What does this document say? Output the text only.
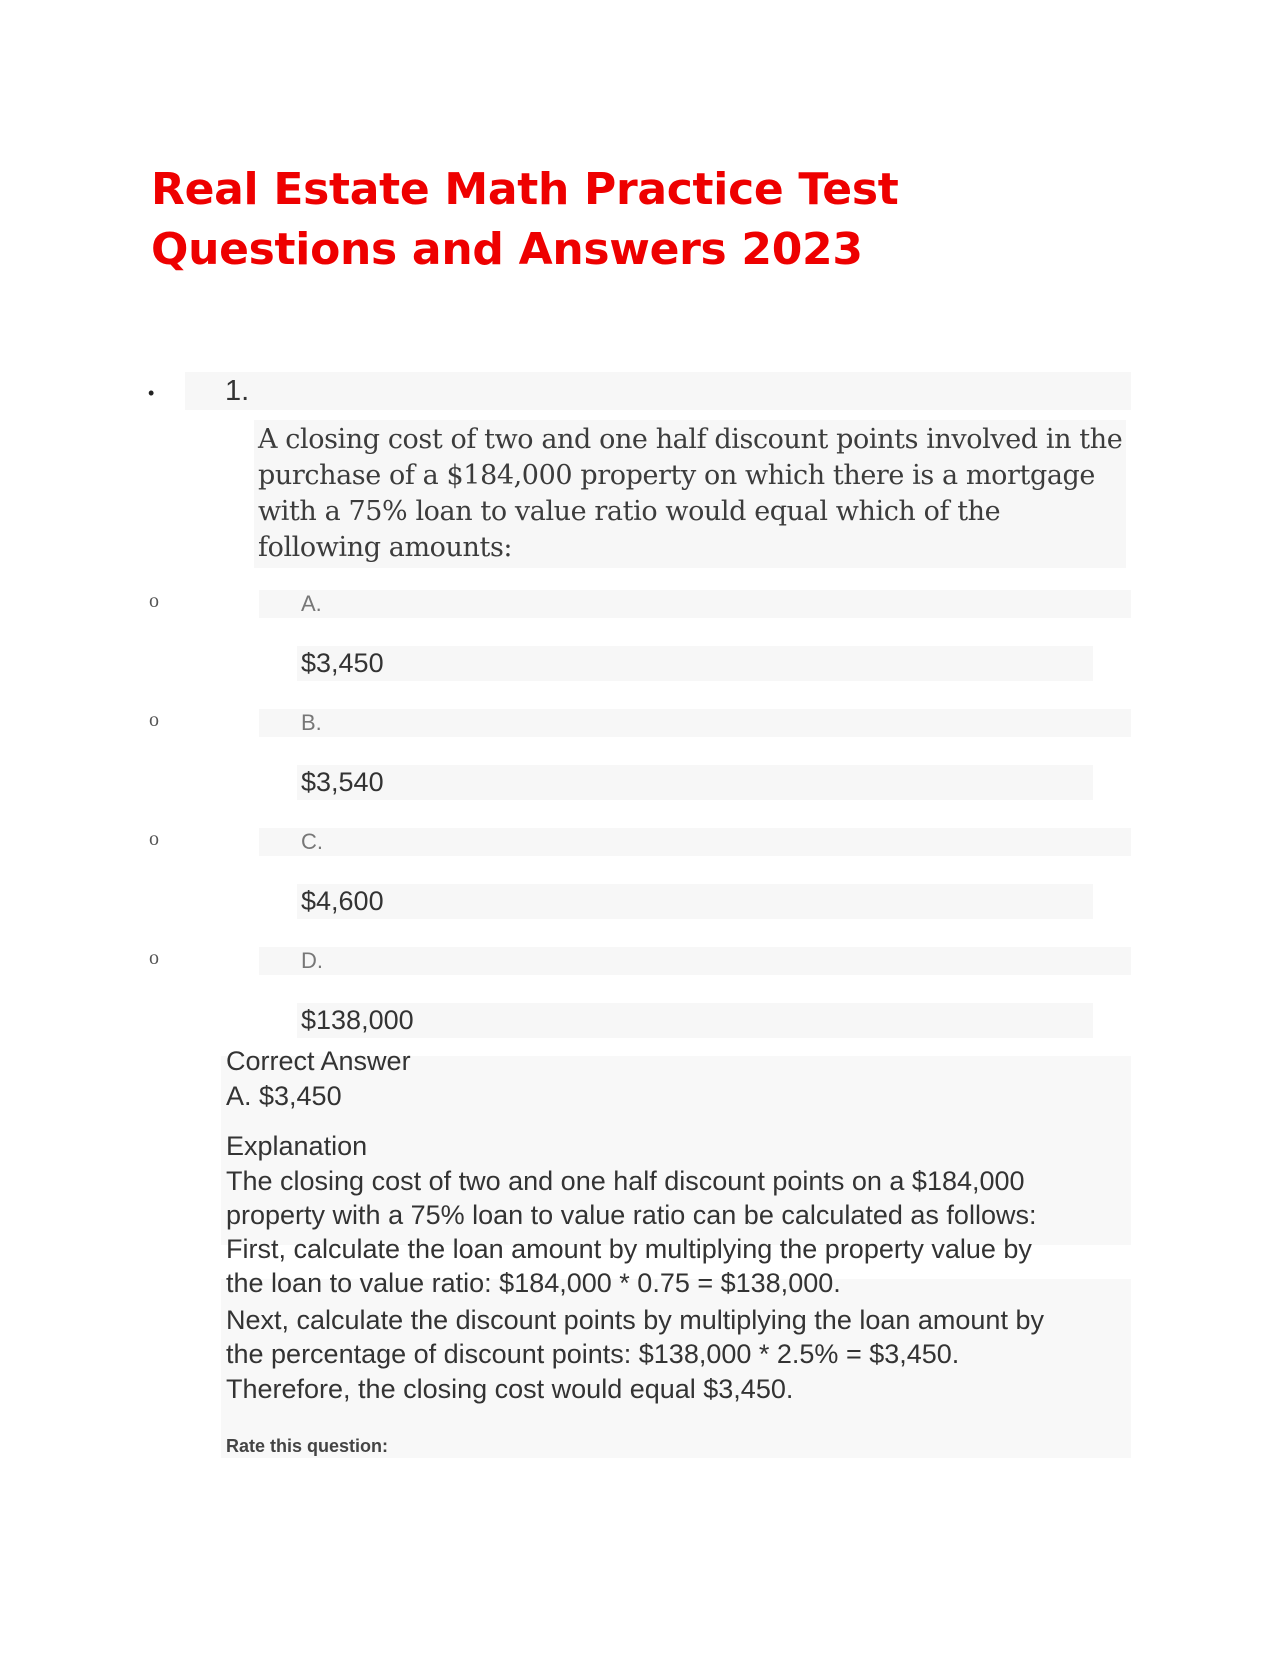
Real Estate Math Practice Test
Questions and Answers 2023
• 1.
A closing cost of two and one half discount points involved in the purchase of a $184,000 property on which there is a mortgage with a 75% loan to value ratio would equal which of the following amounts:
o	A.
$3,450
o	B.
$3,540
o	C.
$4,600
o	D.
$138,000
Correct Answer
A. $3,450
Explanation
The closing cost of two and one half discount points on a $184,000
property with a 75% loan to value ratio can be calculated as follows:
First, calculate the loan amount by multiplying the property value by
the loan to value ratio: $184,000 * 0.75 = $138,000.
Next, calculate the discount points by multiplying the loan amount by
the percentage of discount points: $138,000 * 2.5% = $3,450.
Therefore, the closing cost would equal $3,450.
Rate this question:
